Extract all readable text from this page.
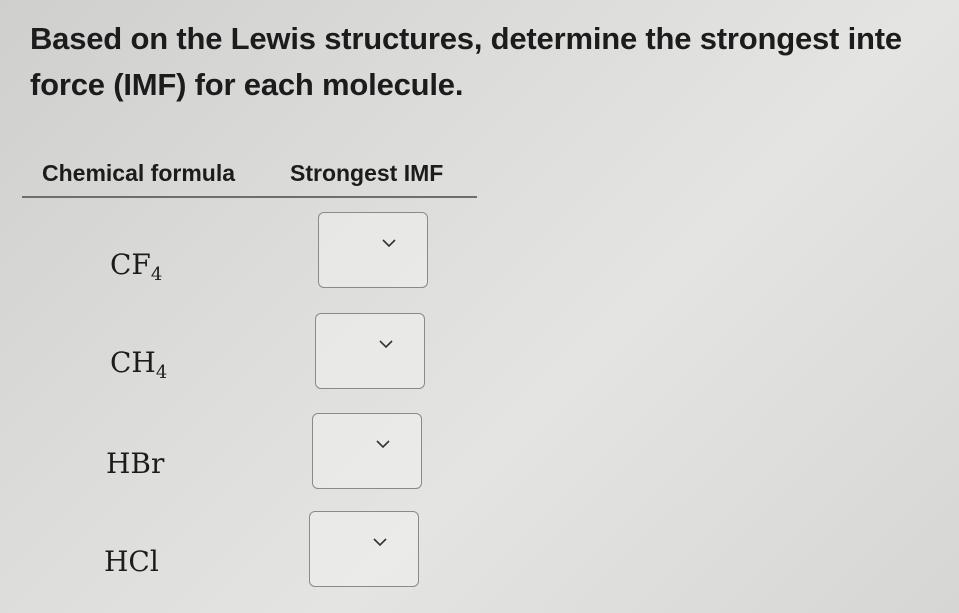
Based on the Lewis structures, determine the strongest inte
force (IMF) for each molecule.
Chemical formula Strongest IMF
$CF_4$
$CH_4$
HBr
HCl
